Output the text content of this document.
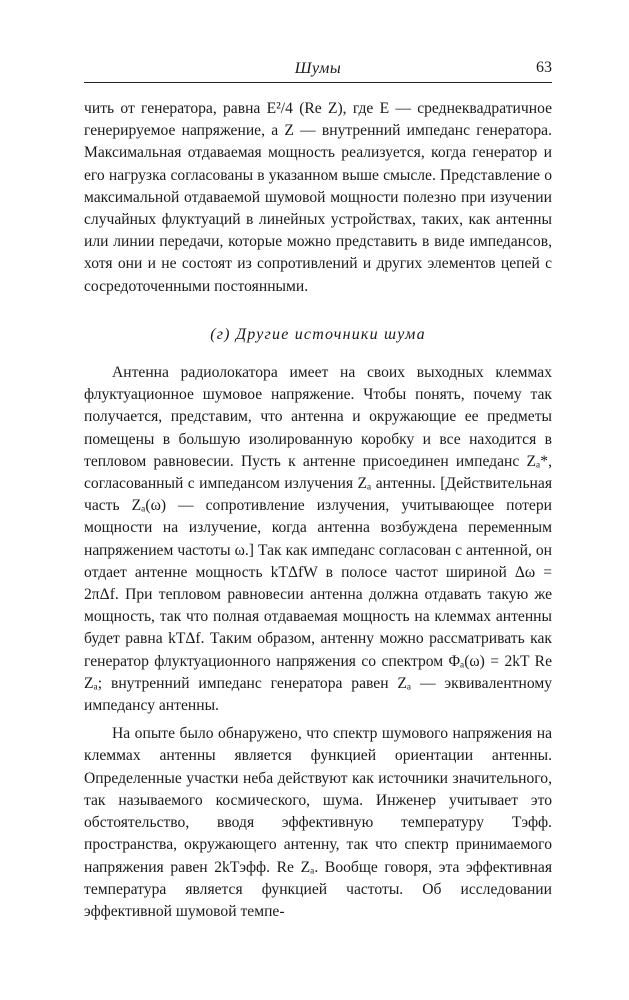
Шумы	63

чить от генератора, равна E²/4 (Re Z), где E — среднеквадратичное генерируемое напряжение, а Z — внутренний импеданс генератора. Максимальная отдаваемая мощность реализуется, когда генератор и его нагрузка согласованы в указанном выше смысле. Представление о максимальной отдаваемой шумовой мощности полезно при изучении случайных флуктуаций в линейных устройствах, таких, как антенны или линии передачи, которые можно представить в виде импедансов, хотя они и не состоят из сопротивлений и других элементов цепей с сосредоточенными постоянными.

(г) Другие источники шума

Антенна радиолокатора имеет на своих выходных клеммах флуктуационное шумовое напряжение. Чтобы понять, почему так получается, представим, что антенна и окружающие ее предметы помещены в большую изолированную коробку и все находится в тепловом равновесии. Пусть к антенне присоединен импеданс Zₐ*, согласованный с импедансом излучения Zₐ антенны. [Действительная часть Zₐ(ω) — сопротивление излучения, учитывающее потери мощности на излучение, когда антенна возбуждена переменным напряжением частоты ω.] Так как импеданс согласован с антенной, он отдает антенне мощность kTΔfW в полосе частот шириной Δω = 2πΔf. При тепловом равновесии антенна должна отдавать такую же мощность, так что полная отдаваемая мощность на клеммах антенны будет равна kTΔf. Таким образом, антенну можно рассматривать как генератор флуктуационного напряжения со спектром Φₐ(ω) = 2kT Re Zₐ; внутренний импеданс генератора равен Zₐ — эквивалентному импедансу антенны.

На опыте было обнаружено, что спектр шумового напряжения на клеммах антенны является функцией ориентации антенны. Определенные участки неба действуют как источники значительного, так называемого космического, шума. Инженер учитывает это обстоятельство, вводя эффективную температуру Tэфф. пространства, окружающего антенну, так что спектр принимаемого напряжения равен 2kTэфф. Re Zₐ. Вообще говоря, эта эффективная температура является функцией частоты. Об исследовании эффективной шумовой темпе-
